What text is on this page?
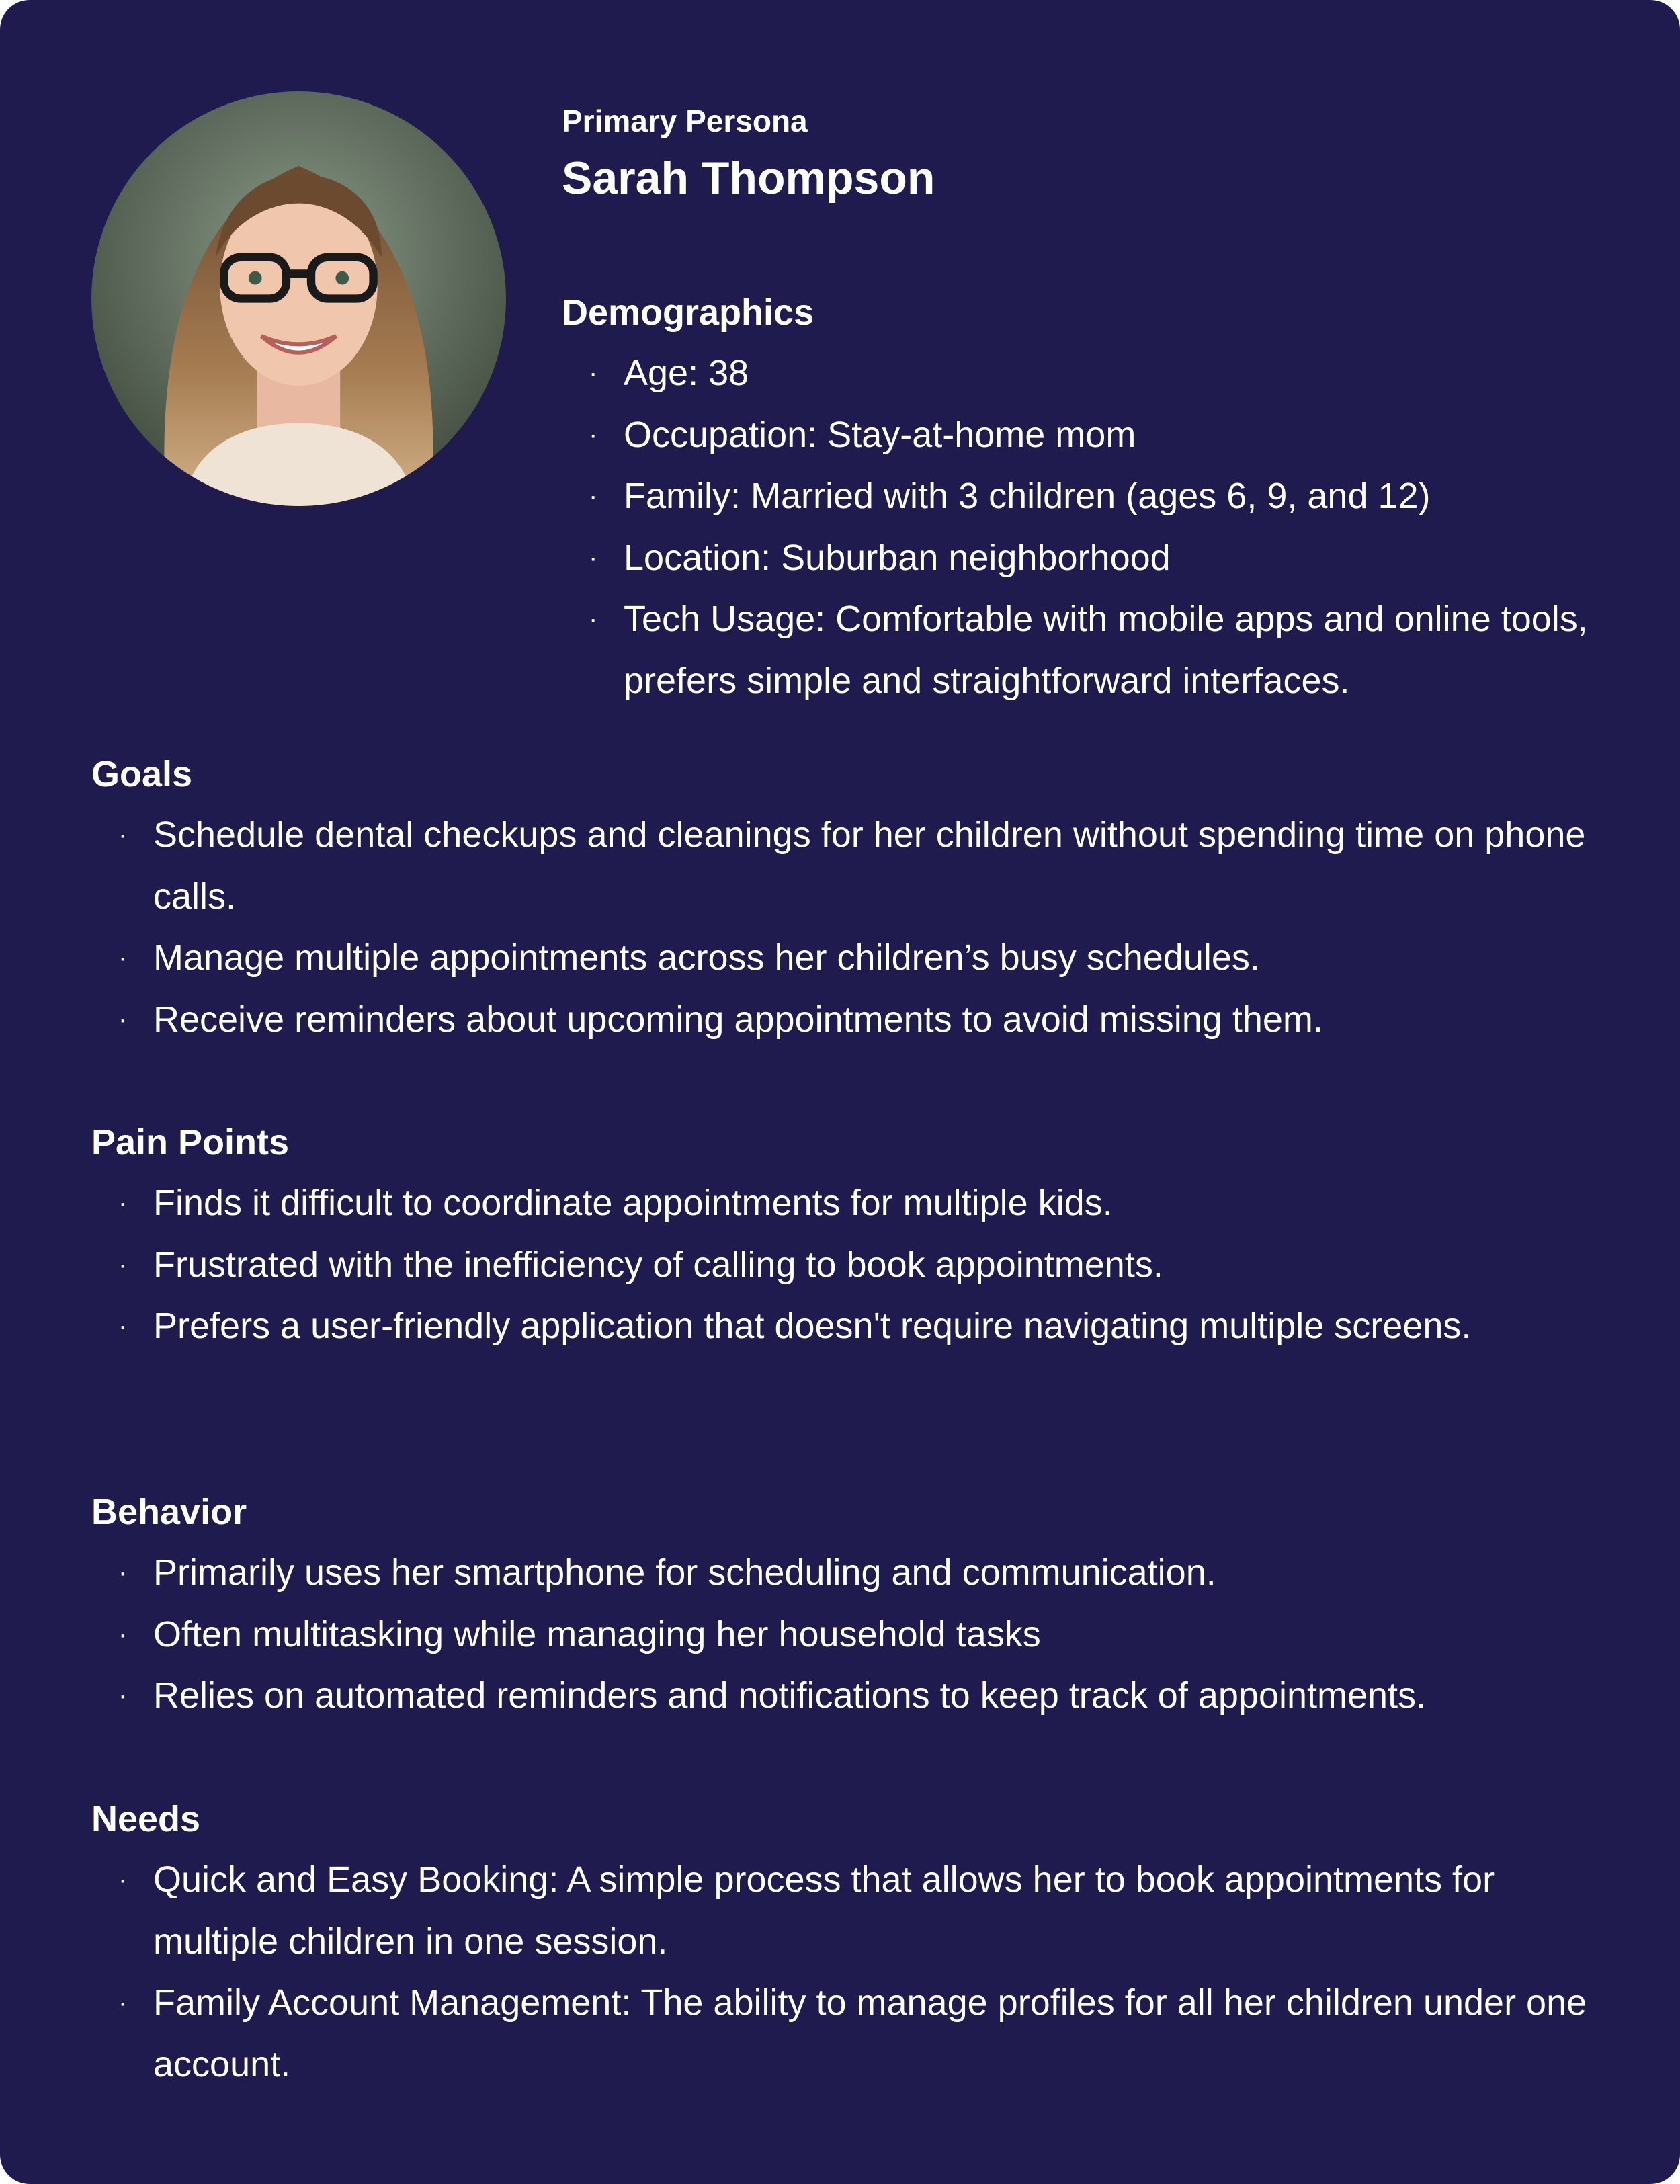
Primary Persona

Sarah Thompson

Demographics

· Age: 38
· Occupation: Stay-at-home mom
· Family: Married with 3 children (ages 6, 9, and 12)
· Location: Suburban neighborhood
· Tech Usage: Comfortable with mobile apps and online tools, prefers simple and straightforward interfaces.

Goals

· Schedule dental checkups and cleanings for her children without spending time on phone calls.
· Manage multiple appointments across her children’s busy schedules.
· Receive reminders about upcoming appointments to avoid missing them.

Pain Points

· Finds it difficult to coordinate appointments for multiple kids.
· Frustrated with the inefficiency of calling to book appointments.
· Prefers a user-friendly application that doesn't require navigating multiple screens.

Behavior

· Primarily uses her smartphone for scheduling and communication.
· Often multitasking while managing her household tasks
· Relies on automated reminders and notifications to keep track of appointments.

Needs

· Quick and Easy Booking: A simple process that allows her to book appointments for multiple children in one session.
· Family Account Management: The ability to manage profiles for all her children under one account.
